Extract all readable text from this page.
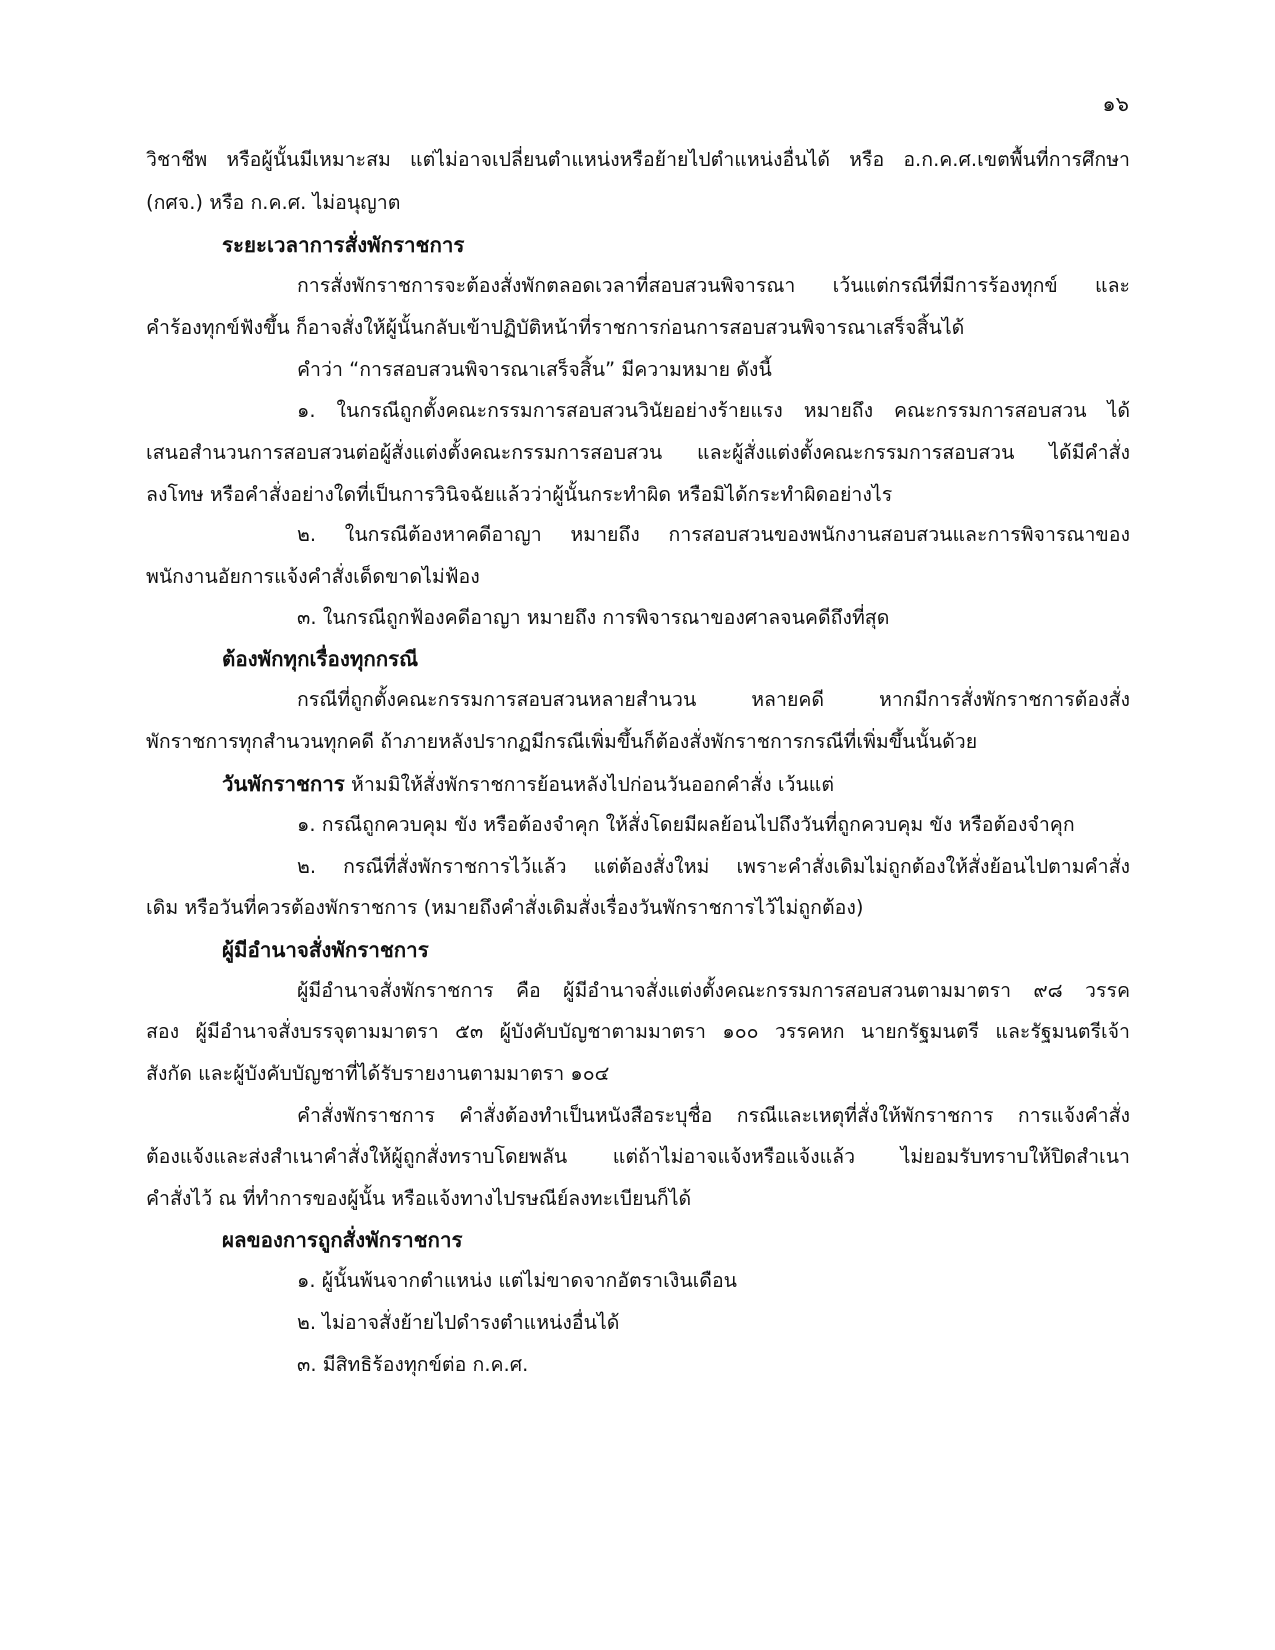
๑๖
วิชาชีพ หรือผู้นั้นมีเหมาะสม แต่ไม่อาจเปลี่ยนตำแหน่งหรือย้ายไปตำแหน่งอื่นได้ หรือ อ.ก.ค.ศ.เขตพื้นที่การศึกษา
(กศจ.) หรือ ก.ค.ศ. ไม่อนุญาต
ระยะเวลาการสั่งพักราชการ
การสั่งพักราชการจะต้องสั่งพักตลอดเวลาที่สอบสวนพิจารณา เว้นแต่กรณีที่มีการร้องทุกข์ และ
คำร้องทุกข์ฟังขึ้น ก็อาจสั่งให้ผู้นั้นกลับเข้าปฏิบัติหน้าที่ราชการก่อนการสอบสวนพิจารณาเสร็จสิ้นได้
คำว่า “การสอบสวนพิจารณาเสร็จสิ้น” มีความหมาย ดังนี้
๑. ในกรณีถูกตั้งคณะกรรมการสอบสวนวินัยอย่างร้ายแรง หมายถึง คณะกรรมการสอบสวน ได้
เสนอสำนวนการสอบสวนต่อผู้สั่งแต่งตั้งคณะกรรมการสอบสวน และผู้สั่งแต่งตั้งคณะกรรมการสอบสวน ได้มีคำสั่ง
ลงโทษ หรือคำสั่งอย่างใดที่เป็นการวินิจฉัยแล้วว่าผู้นั้นกระทำผิด หรือมิได้กระทำผิดอย่างไร
๒. ในกรณีต้องหาคดีอาญา หมายถึง การสอบสวนของพนักงานสอบสวนและการพิจารณาของ
พนักงานอัยการแจ้งคำสั่งเด็ดขาดไม่ฟ้อง
๓. ในกรณีถูกฟ้องคดีอาญา หมายถึง การพิจารณาของศาลจนคดีถึงที่สุด
ต้องพักทุกเรื่องทุกกรณี
กรณีที่ถูกตั้งคณะกรรมการสอบสวนหลายสำนวน หลายคดี หากมีการสั่งพักราชการต้องสั่ง
พักราชการทุกสำนวนทุกคดี ถ้าภายหลังปรากฏมีกรณีเพิ่มขึ้นก็ต้องสั่งพักราชการกรณีที่เพิ่มขึ้นนั้นด้วย
วันพักราชการ ห้ามมิให้สั่งพักราชการย้อนหลังไปก่อนวันออกคำสั่ง เว้นแต่
๑. กรณีถูกควบคุม ขัง หรือต้องจำคุก ให้สั่งโดยมีผลย้อนไปถึงวันที่ถูกควบคุม ขัง หรือต้องจำคุก
๒. กรณีที่สั่งพักราชการไว้แล้ว แต่ต้องสั่งใหม่ เพราะคำสั่งเดิมไม่ถูกต้องให้สั่งย้อนไปตามคำสั่ง
เดิม หรือวันที่ควรต้องพักราชการ (หมายถึงคำสั่งเดิมสั่งเรื่องวันพักราชการไว้ไม่ถูกต้อง)
ผู้มีอำนาจสั่งพักราชการ
ผู้มีอำนาจสั่งพักราชการ คือ ผู้มีอำนาจสั่งแต่งตั้งคณะกรรมการสอบสวนตามมาตรา ๙๘ วรรค
สอง ผู้มีอำนาจสั่งบรรจุตามมาตรา ๕๓ ผู้บังคับบัญชาตามมาตรา ๑๐๐ วรรคหก นายกรัฐมนตรี และรัฐมนตรีเจ้า
สังกัด และผู้บังคับบัญชาที่ได้รับรายงานตามมาตรา ๑๐๔
คำสั่งพักราชการ คำสั่งต้องทำเป็นหนังสือระบุชื่อ กรณีและเหตุที่สั่งให้พักราชการ การแจ้งคำสั่ง
ต้องแจ้งและส่งสำเนาคำสั่งให้ผู้ถูกสั่งทราบโดยพลัน แต่ถ้าไม่อาจแจ้งหรือแจ้งแล้ว ไม่ยอมรับทราบให้ปิดสำเนา
คำสั่งไว้ ณ ที่ทำการของผู้นั้น หรือแจ้งทางไปรษณีย์ลงทะเบียนก็ได้
ผลของการถูกสั่งพักราชการ
๑. ผู้นั้นพ้นจากตำแหน่ง แต่ไม่ขาดจากอัตราเงินเดือน
๒. ไม่อาจสั่งย้ายไปดำรงตำแหน่งอื่นได้
๓. มีสิทธิร้องทุกข์ต่อ ก.ค.ศ.
